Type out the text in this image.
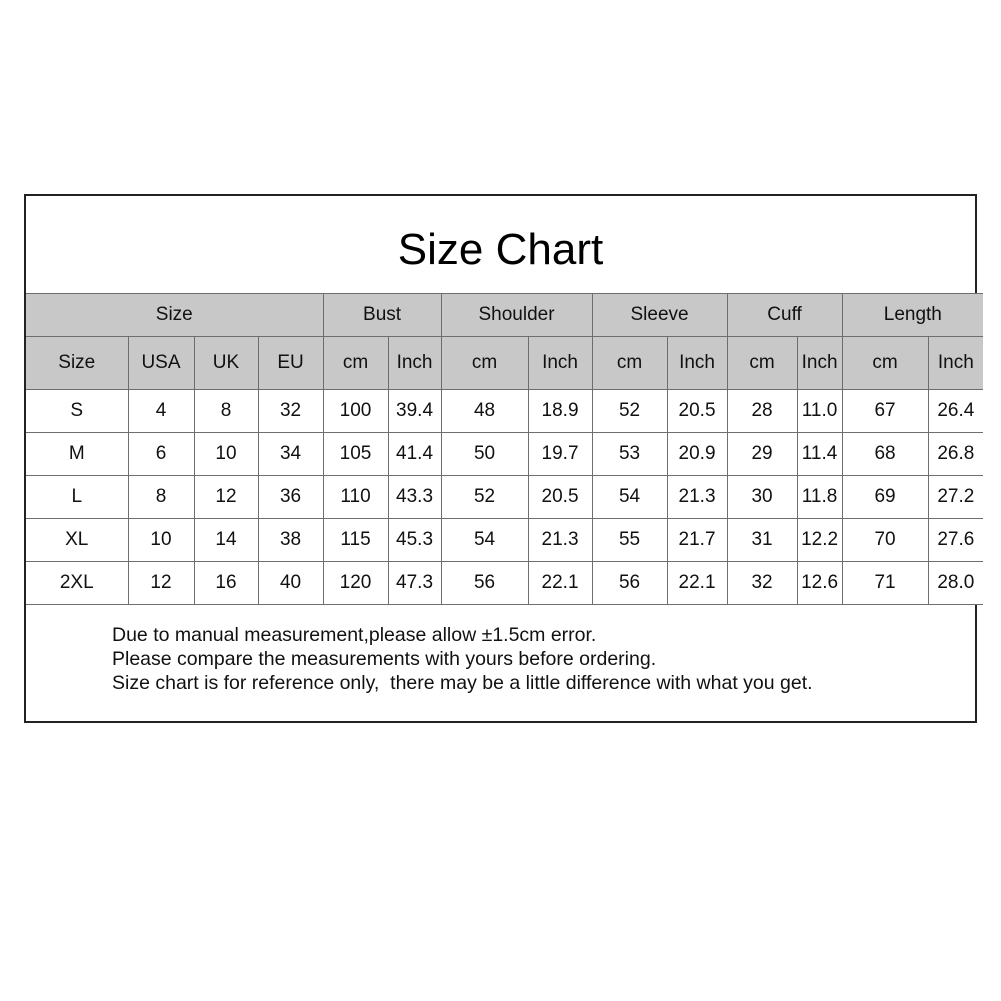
Size Chart
Size				Bust		Shoulder		Sleeve		Cuff		Length	
Size	USA	UK	EU	cm	Inch	cm	Inch	cm	Inch	cm	Inch	cm	Inch
S	4	8	32	100	39.4	48	18.9	52	20.5	28	11.0	67	26.4
M	6	10	34	105	41.4	50	19.7	53	20.9	29	11.4	68	26.8
L	8	12	36	110	43.3	52	20.5	54	21.3	30	11.8	69	27.2
XL	10	14	38	115	45.3	54	21.3	55	21.7	31	12.2	70	27.6
2XL	12	16	40	120	47.3	56	22.1	56	22.1	32	12.6	71	28.0
Due to manual measurement,please allow ±1.5cm error.
Please compare the measurements with yours before ordering.
Size chart is for reference only,  there may be a little difference with what you get.
